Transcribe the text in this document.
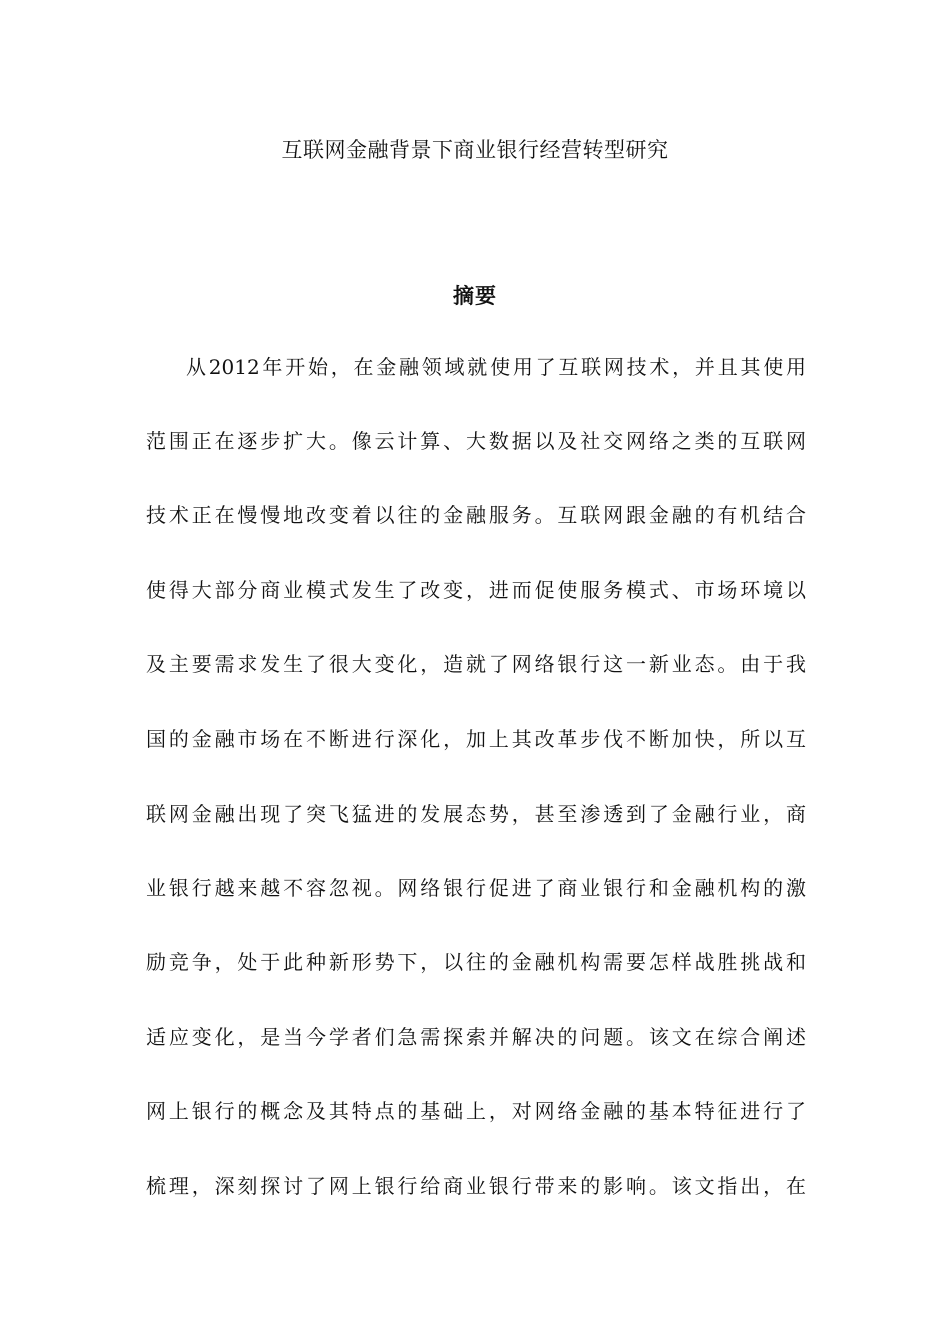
互联网金融背景下商业银行经营转型研究
摘要
从2012年开始，在金融领域就使用了互联网技术，并且其使用
范围正在逐步扩大。像云计算、大数据以及社交网络之类的互联网
技术正在慢慢地改变着以往的金融服务。互联网跟金融的有机结合
使得大部分商业模式发生了改变，进而促使服务模式、市场环境以
及主要需求发生了很大变化，造就了网络银行这一新业态。由于我
国的金融市场在不断进行深化，加上其改革步伐不断加快，所以互
联网金融出现了突飞猛进的发展态势，甚至渗透到了金融行业，商
业银行越来越不容忽视。网络银行促进了商业银行和金融机构的激
励竞争，处于此种新形势下，以往的金融机构需要怎样战胜挑战和
适应变化，是当今学者们急需探索并解决的问题。该文在综合阐述
网上银行的概念及其特点的基础上，对网络金融的基本特征进行了
梳理，深刻探讨了网上银行给商业银行带来的影响。该文指出，在
